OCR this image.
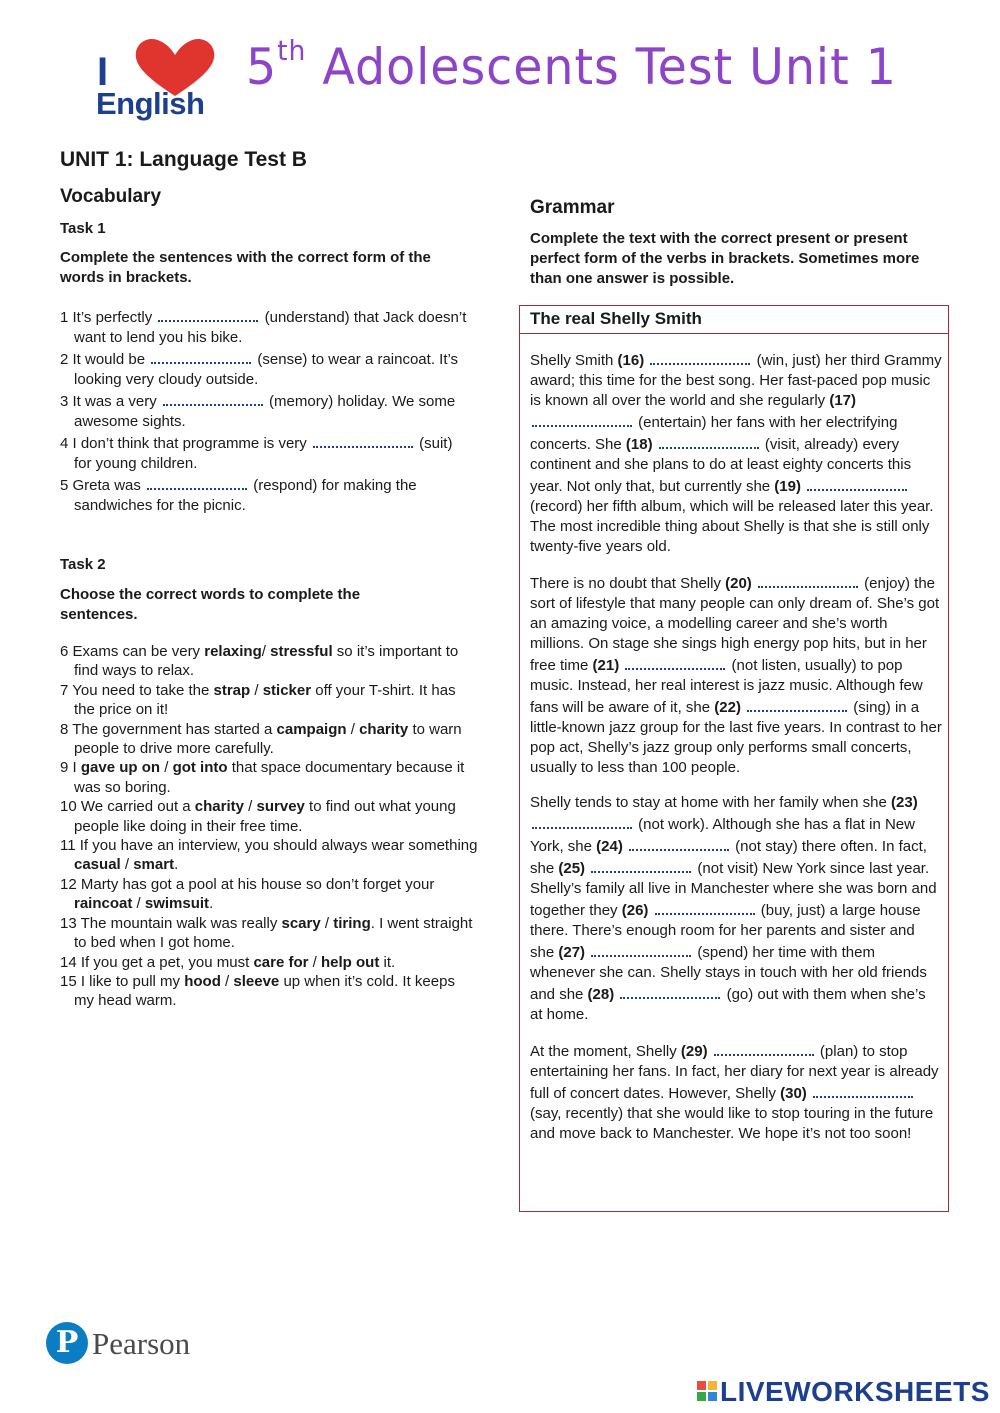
I
English
5th Adolescents Test Unit 1
UNIT 1: Language Test B
Vocabulary
Task 1
Complete the sentences with the correct form of the words in brackets.
1 It’s perfectly	(understand) that Jack doesn’t want to lend you his bike.
2 It would be	(sense) to wear a raincoat. It’s looking very cloudy outside.
3 It was a very	(memory) holiday. We some awesome sights.
4 I don’t think that programme is very	(suit) for young children.
5 Greta was	(respond) for making the sandwiches for the picnic.
Task 2
Choose the correct words to complete the sentences.
6 Exams can be very relaxing/ stressful so it’s important to find ways to relax.
7 You need to take the strap / sticker off your T-shirt. It has the price on it!
8 The government has started a campaign / charity to warn people to drive more carefully.
9 I gave up on / got into that space documentary because it was so boring.
10 We carried out a charity / survey to find out what young people like doing in their free time.
11 If you have an interview, you should always wear something casual / smart.
12 Marty has got a pool at his house so don’t forget your raincoat / swimsuit.
13 The mountain walk was really scary / tiring. I went straight to bed when I got home.
14 If you get a pet, you must care for / help out it.
15 I like to pull my hood / sleeve up when it’s cold. It keeps my head warm.
Grammar
Complete the text with the correct present or present perfect form of the verbs in brackets. Sometimes more than one answer is possible.
The real Shelly Smith

Shelly Smith (16)	(win, just) her third Grammy award; this time for the best song. Her fast-paced pop music is known all over the world and she regularly (17)  (entertain) her fans with her electrifying concerts. She (18)	(visit, already) every continent and she plans to do at least eighty concerts this year. Not only that, but currently she (19)  (record) her fifth album, which will be released later this year. The most incredible thing about Shelly is that she is still only twenty-five years old.

There is no doubt that Shelly (20)	(enjoy) the sort of lifestyle that many people can only dream of. She’s got an amazing voice, a modelling career and she’s worth millions. On stage she sings high energy pop hits, but in her free time (21)	(not listen, usually) to pop music. Instead, her real interest is jazz music. Although few fans will be aware of it, she (22)	(sing) in a little-known jazz group for the last five years. In contrast to her pop act, Shelly’s jazz group only performs small concerts, usually to less than 100 people.

Shelly tends to stay at home with her family when she (23)  (not work). Although she has a flat in New York, she (24)	(not stay) there often. In fact, she (25)	(not visit) New York since last year. Shelly’s family all live in Manchester where she was born and together they (26)	(buy, just) a large house there. There’s enough room for her parents and sister and she (27)	(spend) her time with them whenever she can. Shelly stays in touch with her old friends and she (28)	(go) out with them when she’s at home.

At the moment, Shelly (29)	(plan) to stop entertaining her fans. In fact, her diary for next year is already full of concert dates. However, Shelly (30)  (say, recently) that she would like to stop touring in the future and move back to Manchester. We hope it’s not too soon!

P Pearson
LIVEWORKSHEETS
